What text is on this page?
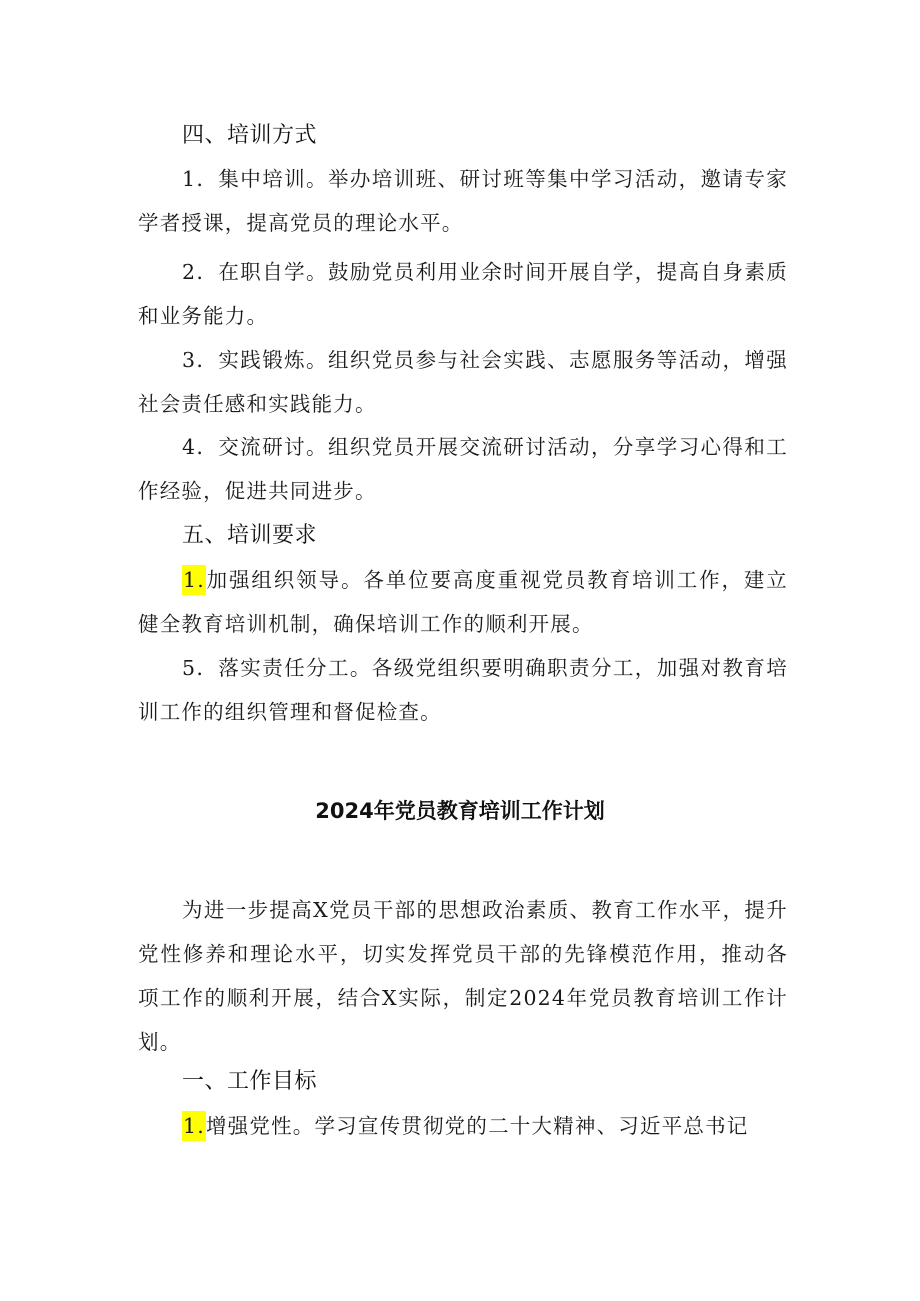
四、培训方式

1．集中培训。举办培训班、研讨班等集中学习活动，邀请专家学者授课，提高党员的理论水平。

2．在职自学。鼓励党员利用业余时间开展自学，提高自身素质和业务能力。

3．实践锻炼。组织党员参与社会实践、志愿服务等活动，增强社会责任感和实践能力。

4．交流研讨。组织党员开展交流研讨活动，分享学习心得和工作经验，促进共同进步。

五、培训要求

1.加强组织领导。各单位要高度重视党员教育培训工作，建立健全教育培训机制，确保培训工作的顺利开展。

5．落实责任分工。各级党组织要明确职责分工，加强对教育培训工作的组织管理和督促检查。

2024年党员教育培训工作计划

为进一步提高X党员干部的思想政治素质、教育工作水平，提升党性修养和理论水平，切实发挥党员干部的先锋模范作用，推动各项工作的顺利开展，结合X实际，制定2024年党员教育培训工作计划。

一、工作目标

1.增强党性。学习宣传贯彻党的二十大精神、习近平总书记
